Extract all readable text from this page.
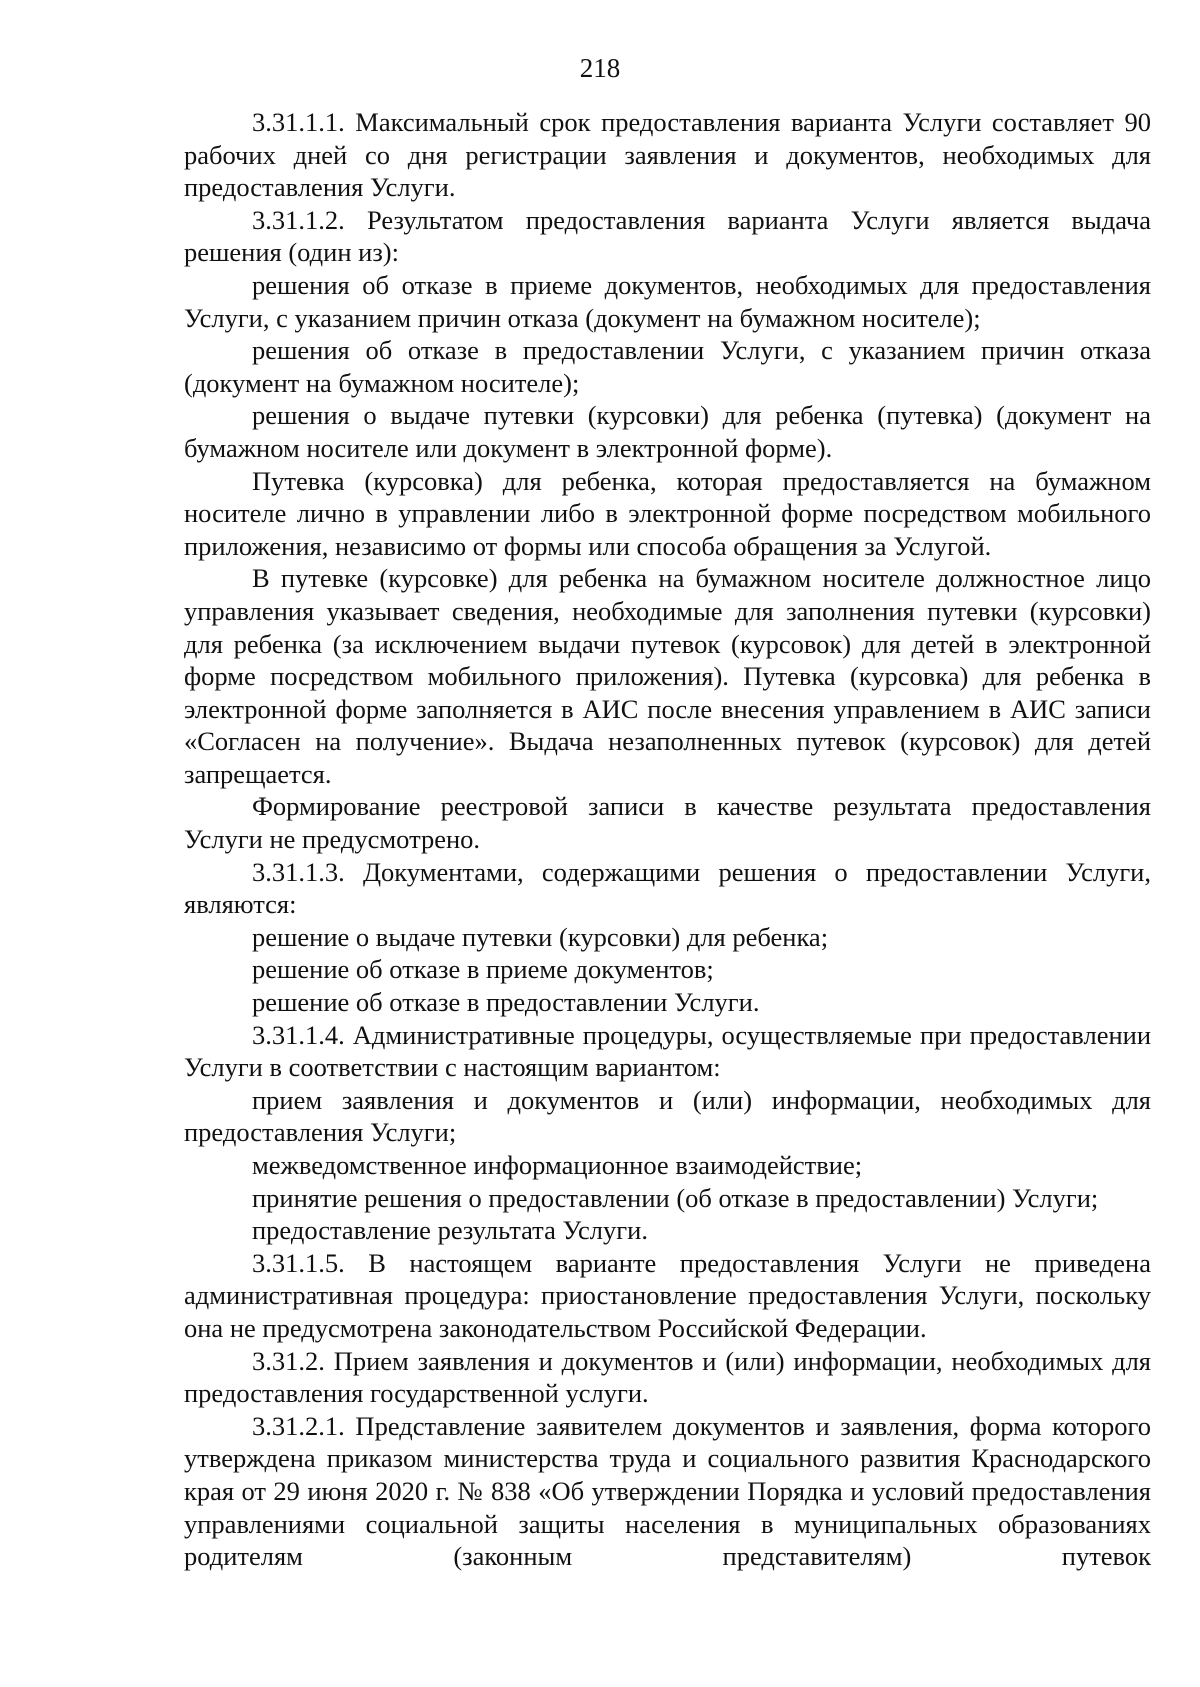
218

3.31.1.1. Максимальный срок предоставления варианта Услуги составляет 90 рабочих дней со дня регистрации заявления и документов, необходимых для предоставления Услуги.

3.31.1.2. Результатом предоставления варианта Услуги является выдача решения (один из):

решения об отказе в приеме документов, необходимых для предоставления Услуги, с указанием причин отказа (документ на бумажном носителе);

решения об отказе в предоставлении Услуги, с указанием причин отказа (документ на бумажном носителе);

решения о выдаче путевки (курсовки) для ребенка (путевка) (документ на бумажном носителе или документ в электронной форме).

Путевка (курсовка) для ребенка, которая предоставляется на бумажном носителе лично в управлении либо в электронной форме посредством мобильного приложения, независимо от формы или способа обращения за Услугой.

В путевке (курсовке) для ребенка на бумажном носителе должностное лицо управления указывает сведения, необходимые для заполнения путевки (курсовки) для ребенка (за исключением выдачи путевок (курсовок) для детей в электронной форме посредством мобильного приложения). Путевка (курсовка) для ребенка в электронной форме заполняется в АИС после внесения управлением в АИС записи «Согласен на получение». Выдача незаполненных путевок (курсовок) для детей запрещается.

Формирование реестровой записи в качестве результата предоставления Услуги не предусмотрено.

3.31.1.3. Документами, содержащими решения о предоставлении Услуги, являются:

решение о выдаче путевки (курсовки) для ребенка;

решение об отказе в приеме документов;

решение об отказе в предоставлении Услуги.

3.31.1.4. Административные процедуры, осуществляемые при предоставлении Услуги в соответствии с настоящим вариантом:

прием заявления и документов и (или) информации, необходимых для предоставления Услуги;

межведомственное информационное взаимодействие;

принятие решения о предоставлении (об отказе в предоставлении) Услуги;

предоставление результата Услуги.

3.31.1.5. В настоящем варианте предоставления Услуги не приведена административная процедура: приостановление предоставления Услуги, поскольку она не предусмотрена законодательством Российской Федерации.

3.31.2. Прием заявления и документов и (или) информации, необходимых для предоставления государственной услуги.

3.31.2.1. Представление заявителем документов и заявления, форма которого утверждена приказом министерства труда и социального развития Краснодарского края от 29 июня 2020 г. № 838 «Об утверждении Порядка и условий предоставления управлениями социальной защиты населения в муниципальных образованиях родителям (законным представителям) путевок
